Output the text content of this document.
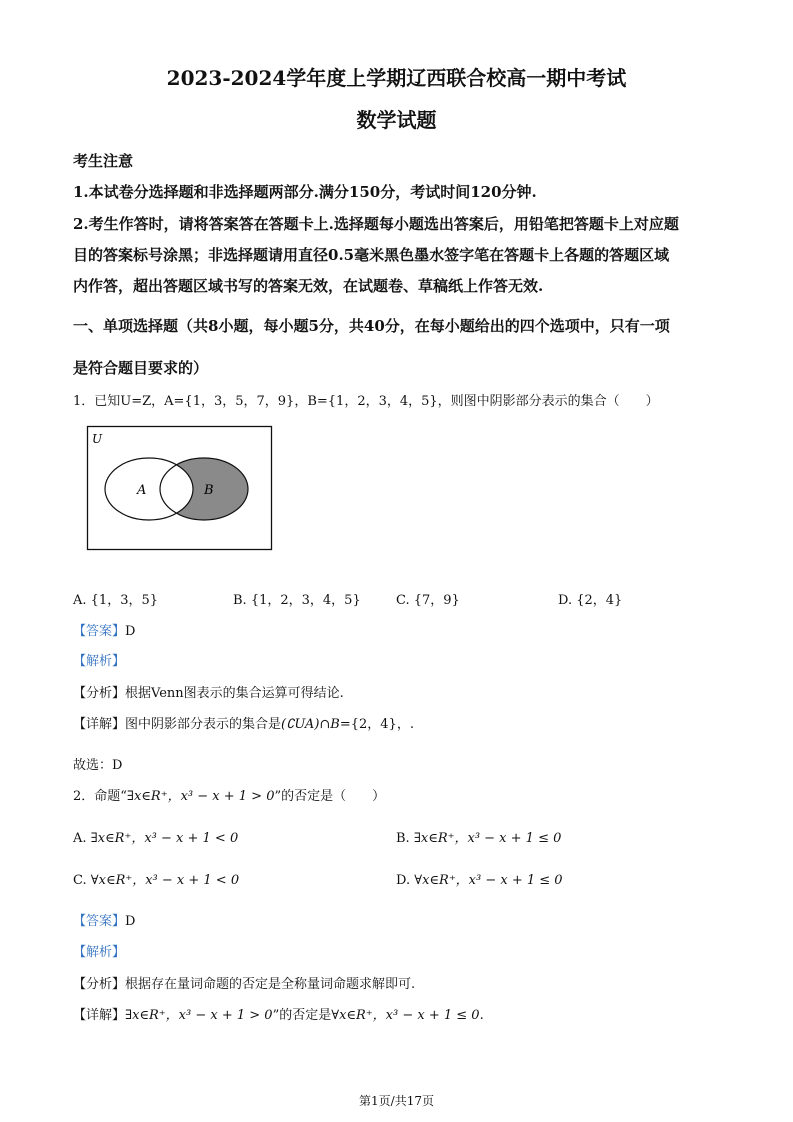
2023-2024学年度上学期辽西联合校高一期中考试
数学试题
考生注意
1.本试卷分选择题和非选择题两部分.满分150分，考试时间120分钟.
2.考生作答时，请将答案答在答题卡上.选择题每小题选出答案后，用铅笔把答题卡上对应题
目的答案标号涂黑；非选择题请用直径0.5毫米黑色墨水签字笔在答题卡上各题的答题区域
内作答，超出答题区域书写的答案无效，在试题卷、草稿纸上作答无效.
一、单项选择题（共8小题，每小题5分，共40分，在每小题给出的四个选项中，只有一项
是符合题目要求的）
1．已知U=Z，A={1，3，5，7，9}，B={1，2，3，4，5}，则图中阴影部分表示的集合（　　）
U
A	B
A. {1，3，5}	B. {1，2，3，4，5}	C. {7，9}	D. {2，4}
【答案】D
【解析】
【分析】根据Venn图表示的集合运算可得结论.
【详解】图中阴影部分表示的集合是(∁UA)∩B={2，4}，.
故选：D
2．命题“∃x∈R⁺，x³ − x + 1 > 0”的否定是（　　）
A. ∃x∈R⁺，x³ − x + 1 < 0	B. ∃x∈R⁺，x³ − x + 1 ≤ 0
C. ∀x∈R⁺，x³ − x + 1 < 0	D. ∀x∈R⁺，x³ − x + 1 ≤ 0
【答案】D
【解析】
【分析】根据存在量词命题的否定是全称量词命题求解即可.
【详解】∃x∈R⁺，x³ − x + 1 > 0”的否定是∀x∈R⁺，x³ − x + 1 ≤ 0.
第1页/共17页
